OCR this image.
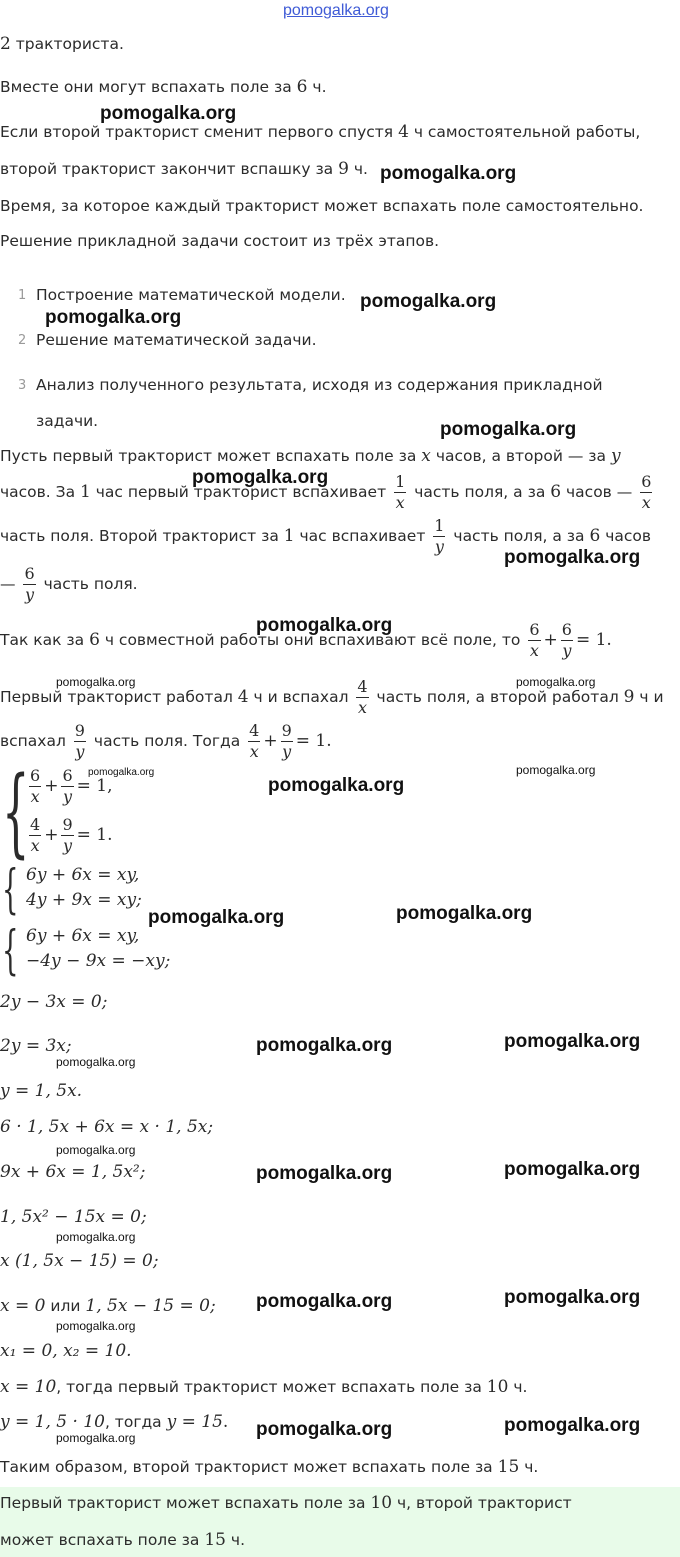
pomogalka.org
2 тракториста.
Вместе они могут вспахать поле за 6 ч.
Если второй тракторист сменит первого спустя 4 ч самостоятельной работы,
второй тракторист закончит вспашку за 9 ч.
Время, за которое каждый тракторист может вспахать поле самостоятельно.
Решение прикладной задачи состоит из трёх этапов.
1 Построение математической модели.
2 Решение математической задачи.
3 Анализ полученного результата, исходя из содержания прикладной
задачи.
Пусть первый тракторист может вспахать поле за x часов, а второй — за y
часов. За 1 час первый тракторист вспахивает $\frac{1}{x}$ часть поля, а за 6 часов — $\frac{6}{x}$
часть поля. Второй тракторист за 1 час вспахивает $\frac{1}{y}$ часть поля, а за 6 часов
— $\frac{6}{y}$ часть поля.
Так как за 6 ч совместной работы они вспахивают всё поле, то $\frac{6}{x} + \frac{6}{y} = 1$.
Первый тракторист работал 4 ч и вспахал $\frac{4}{x}$ часть поля, а второй работал 9 ч и
вспахал $\frac{9}{y}$ часть поля. Тогда $\frac{4}{x} + \frac{9}{y} = 1$.
{ $\frac{6}{x} + \frac{6}{y} = 1$,
$\frac{4}{x} + \frac{9}{y} = 1$.
{ 6y + 6x = xy,
4y + 9x = xy;
{ 6y + 6x = xy,
−4y − 9x = −xy;
2y − 3x = 0;
2y = 3x;
y = 1, 5x.
6 · 1, 5x + 6x = x · 1, 5x;
9x + 6x = 1, 5x²;
1, 5x² − 15x = 0;
x (1, 5x − 15) = 0;
x = 0 или 1, 5x − 15 = 0;
x₁ = 0, x₂ = 10.
x = 10, тогда первый тракторист может вспахать поле за 10 ч.
y = 1, 5 · 10, тогда y = 15.
Таким образом, второй тракторист может вспахать поле за 15 ч.
Первый тракторист может вспахать поле за 10 ч, второй тракторист
может вспахать поле за 15 ч.
pomogalka.org
pomogalka.org
pomogalka.org
pomogalka.org
pomogalka.org
pomogalka.org
pomogalka.org
pomogalka.org
pomogalka.org	pomogalka.org
pomogalka.org	pomogalka.org
pomogalka.org
pomogalka.org	pomogalka.org
pomogalka.org	pomogalka.org
pomogalka.org
pomogalka.org
pomogalka.org	pomogalka.org
pomogalka.org
pomogalka.org	pomogalka.org
pomogalka.org
pomogalka.org	pomogalka.org
pomogalka.org
